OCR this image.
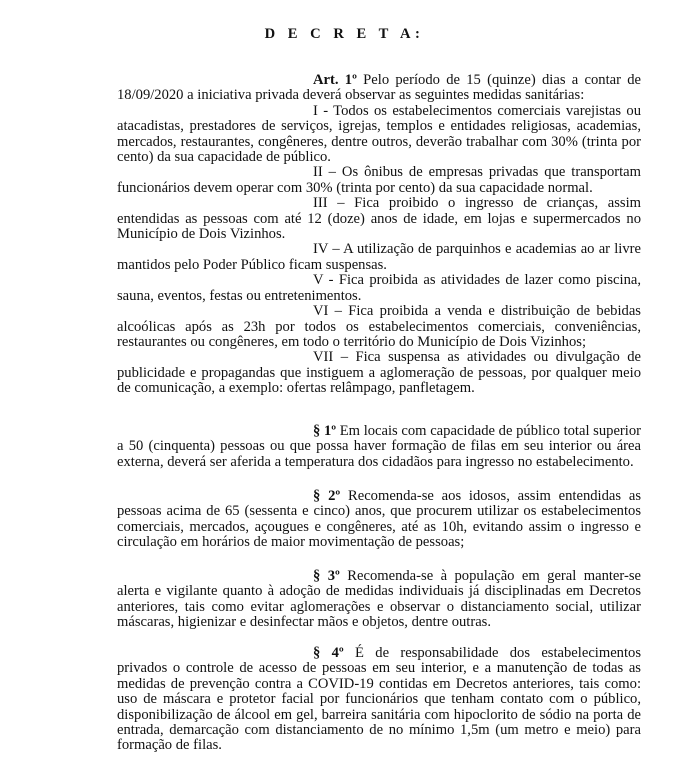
D E C R E T A:

Art. 1º Pelo período de 15 (quinze) dias a contar de 18/09/2020 a iniciativa privada deverá observar as seguintes medidas sanitárias:

I - Todos os estabelecimentos comerciais varejistas ou atacadistas, prestadores de serviços, igrejas, templos e entidades religiosas, academias, mercados, restaurantes, congêneres, dentre outros, deverão trabalhar com 30% (trinta por cento) da sua capacidade de público.

II – Os ônibus de empresas privadas que transportam funcionários devem operar com 30% (trinta por cento) da sua capacidade normal.

III – Fica proibido o ingresso de crianças, assim entendidas as pessoas com até 12 (doze) anos de idade, em lojas e supermercados no Município de Dois Vizinhos.

IV – A utilização de parquinhos e academias ao ar livre mantidos pelo Poder Público ficam suspensas.

V - Fica proibida as atividades de lazer como piscina, sauna, eventos, festas ou entretenimentos.

VI – Fica proibida a venda e distribuição de bebidas alcoólicas após as 23h por todos os estabelecimentos comerciais, conveniências, restaurantes ou congêneres, em todo o território do Município de Dois Vizinhos;

VII – Fica suspensa as atividades ou divulgação de publicidade e propagandas que instiguem a aglomeração de pessoas, por qualquer meio de comunicação, a exemplo: ofertas relâmpago, panfletagem.

§ 1º Em locais com capacidade de público total superior a 50 (cinquenta) pessoas ou que possa haver formação de filas em seu interior ou área externa, deverá ser aferida a temperatura dos cidadãos para ingresso no estabelecimento.

§ 2º Recomenda-se aos idosos, assim entendidas as pessoas acima de 65 (sessenta e cinco) anos, que procurem utilizar os estabelecimentos comerciais, mercados, açougues e congêneres, até as 10h, evitando assim o ingresso e circulação em horários de maior movimentação de pessoas;

§ 3º Recomenda-se à população em geral manter-se alerta e vigilante quanto à adoção de medidas individuais já disciplinadas em Decretos anteriores, tais como evitar aglomerações e observar o distanciamento social, utilizar máscaras, higienizar e desinfectar mãos e objetos, dentre outras.

§ 4º É de responsabilidade dos estabelecimentos privados o controle de acesso de pessoas em seu interior, e a manutenção de todas as medidas de prevenção contra a COVID-19 contidas em Decretos anteriores, tais como: uso de máscara e protetor facial por funcionários que tenham contato com o público, disponibilização de álcool em gel, barreira sanitária com hipoclorito de sódio na porta de entrada, demarcação com distanciamento de no mínimo 1,5m (um metro e meio) para formação de filas.
